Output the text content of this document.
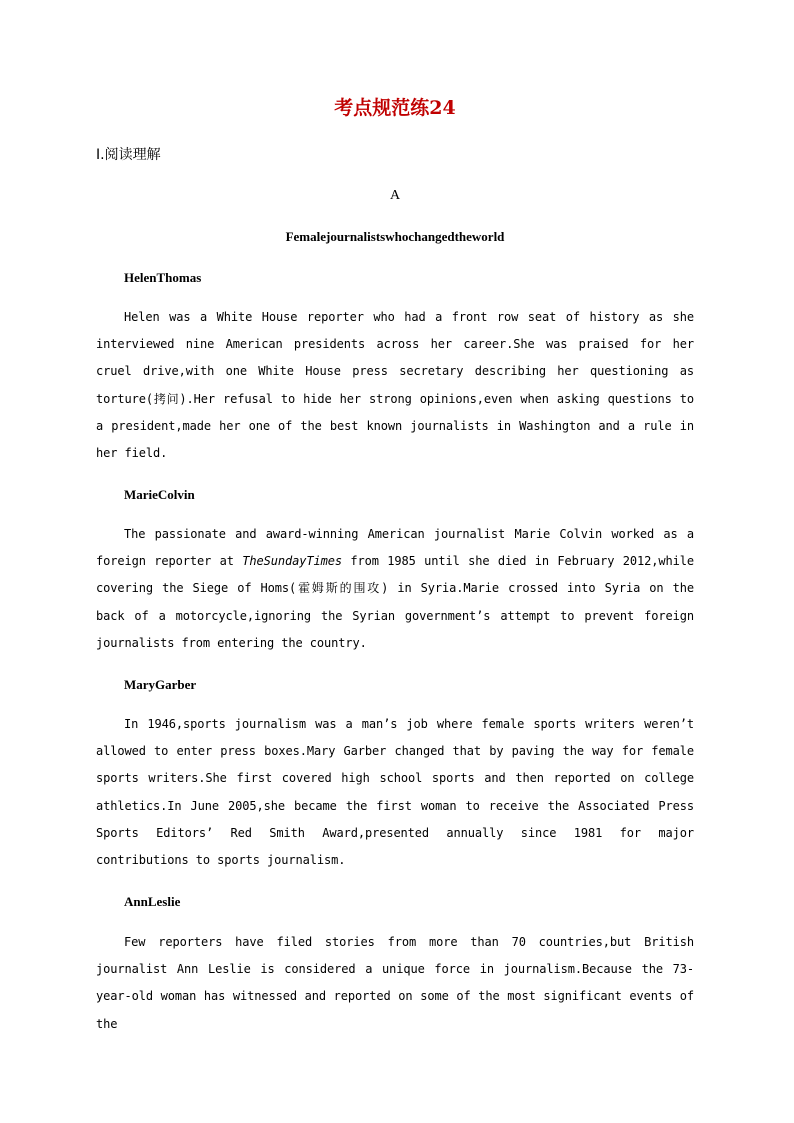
考点规范练24
Ⅰ.阅读理解
A
Femalejournalistswhochangedtheworld
HelenThomas

Helen was a White House reporter who had a front row seat of history as she interviewed nine American presidents across her career.She was praised for her cruel drive,with one White House press secretary describing her questioning as torture(拷问).Her refusal to hide her strong opinions,even when asking questions to a president,made her one of the best known journalists in Washington and a rule in her field.

MarieColvin

The passionate and award-winning American journalist Marie Colvin worked as a foreign reporter at TheSundayTimes from 1985 until she died in February 2012,while covering the Siege of Homs(霍姆斯的围攻) in Syria.Marie crossed into Syria on the back of a motorcycle,ignoring the Syrian government’s attempt to prevent foreign journalists from entering the country.

MaryGarber

In 1946,sports journalism was a man’s job where female sports writers weren’t allowed to enter press boxes.Mary Garber changed that by paving the way for female sports writers.She first covered high school sports and then reported on college athletics.In June 2005,she became the first woman to receive the Associated Press Sports Editors’ Red Smith Award,presented annually since 1981 for major contributions to sports journalism.

AnnLeslie

Few reporters have filed stories from more than 70 countries,but British journalist Ann Leslie is considered a unique force in journalism.Because the 73-year-old woman has witnessed and reported on some of the most significant events of the
